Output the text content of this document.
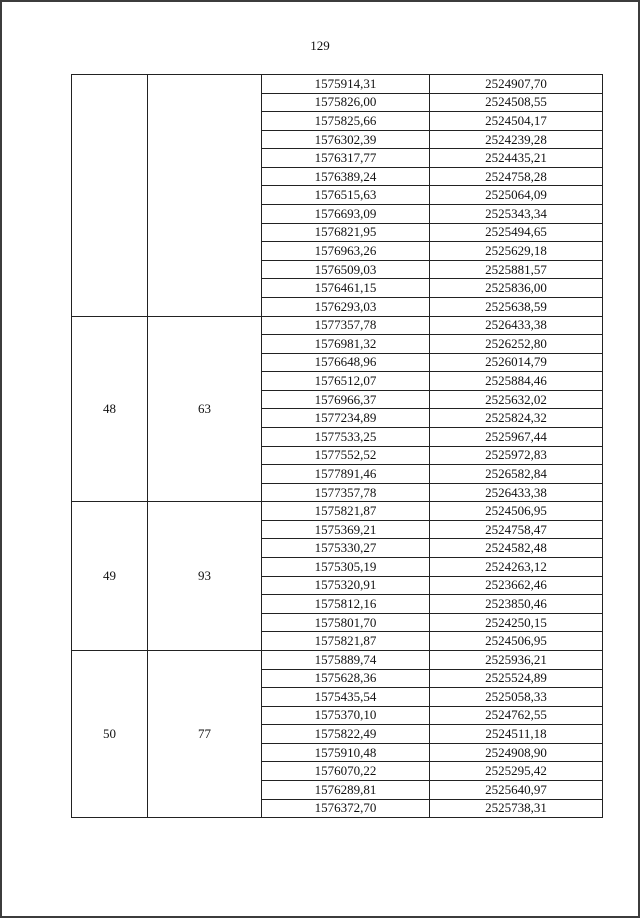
129
		1575914,31	2524907,70
		1575826,00	2524508,55
		1575825,66	2524504,17
		1576302,39	2524239,28
		1576317,77	2524435,21
		1576389,24	2524758,28
		1576515,63	2525064,09
		1576693,09	2525343,34
		1576821,95	2525494,65
		1576963,26	2525629,18
		1576509,03	2525881,57
		1576461,15	2525836,00
		1576293,03	2525638,59
48	63	1577357,78	2526433,38
		1576981,32	2526252,80
		1576648,96	2526014,79
		1576512,07	2525884,46
		1576966,37	2525632,02
		1577234,89	2525824,32
		1577533,25	2525967,44
		1577552,52	2525972,83
		1577891,46	2526582,84
		1577357,78	2526433,38
49	93	1575821,87	2524506,95
		1575369,21	2524758,47
		1575330,27	2524582,48
		1575305,19	2524263,12
		1575320,91	2523662,46
		1575812,16	2523850,46
		1575801,70	2524250,15
		1575821,87	2524506,95
50	77	1575889,74	2525936,21
		1575628,36	2525524,89
		1575435,54	2525058,33
		1575370,10	2524762,55
		1575822,49	2524511,18
		1575910,48	2524908,90
		1576070,22	2525295,42
		1576289,81	2525640,97
		1576372,70	2525738,31
